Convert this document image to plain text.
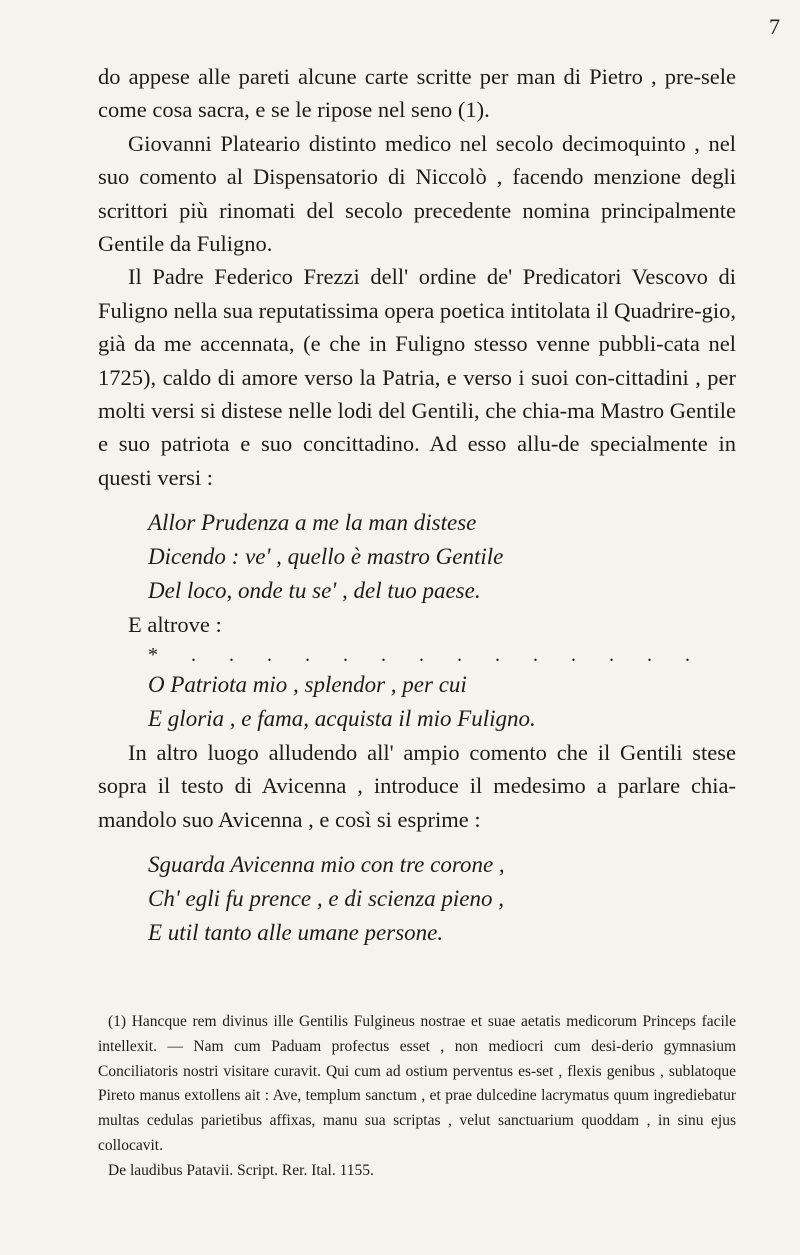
7

do appese alle pareti alcune carte scritte per man di Pietro , pre-sele come cosa sacra, e se le ripose nel seno (1).

Giovanni Plateario distinto medico nel secolo decimoquinto , nel suo comento al Dispensatorio di Niccolò , facendo menzione degli scrittori più rinomati del secolo precedente nomina principalmente Gentile da Fuligno.

Il Padre Federico Frezzi dell' ordine de' Predicatori Vescovo di Fuligno nella sua reputatissima opera poetica intitolata il Quadrire-gio, già da me accennata, (e che in Fuligno stesso venne pubbli-cata nel 1725), caldo di amore verso la Patria, e verso i suoi con-cittadini , per molti versi si distese nelle lodi del Gentili, che chia-ma Mastro Gentile e suo patriota e suo concittadino. Ad esso allu-de specialmente in questi versi :

Allor Prudenza a me la man distese

Dicendo : ve' , quello è mastro Gentile

Del loco, onde tu se' , del tuo paese.

E altrove :

* . . . . . . . . . . . . . .

O Patriota mio , splendor , per cui

E gloria , e fama, acquista il mio Fuligno.

In altro luogo alludendo all' ampio comento che il Gentili stese sopra il testo di Avicenna , introduce il medesimo a parlare chia-mandolo suo Avicenna , e così si esprime :

Sguarda Avicenna mio con tre corone ,

Ch' egli fu prence , e di scienza pieno ,

E util tanto alle umane persone.

(1) Hancque rem divinus ille Gentilis Fulgineus nostrae et suae aetatis medicorum Princeps facile intellexit. — Nam cum Paduam profectus esset , non mediocri cum desi-derio gymnasium Conciliatoris nostri visitare curavit. Qui cum ad ostium perventus es-set , flexis genibus , sublatoque Pireto manus extollens ait : Ave, templum sanctum , et prae dulcedine lacrymatus quum ingrediebatur multas cedulas parietibus affixas, manu sua scriptas , velut sanctuarium quoddam , in sinu ejus collocavit.

De laudibus Patavii. Script. Rer. Ital. 1155.
